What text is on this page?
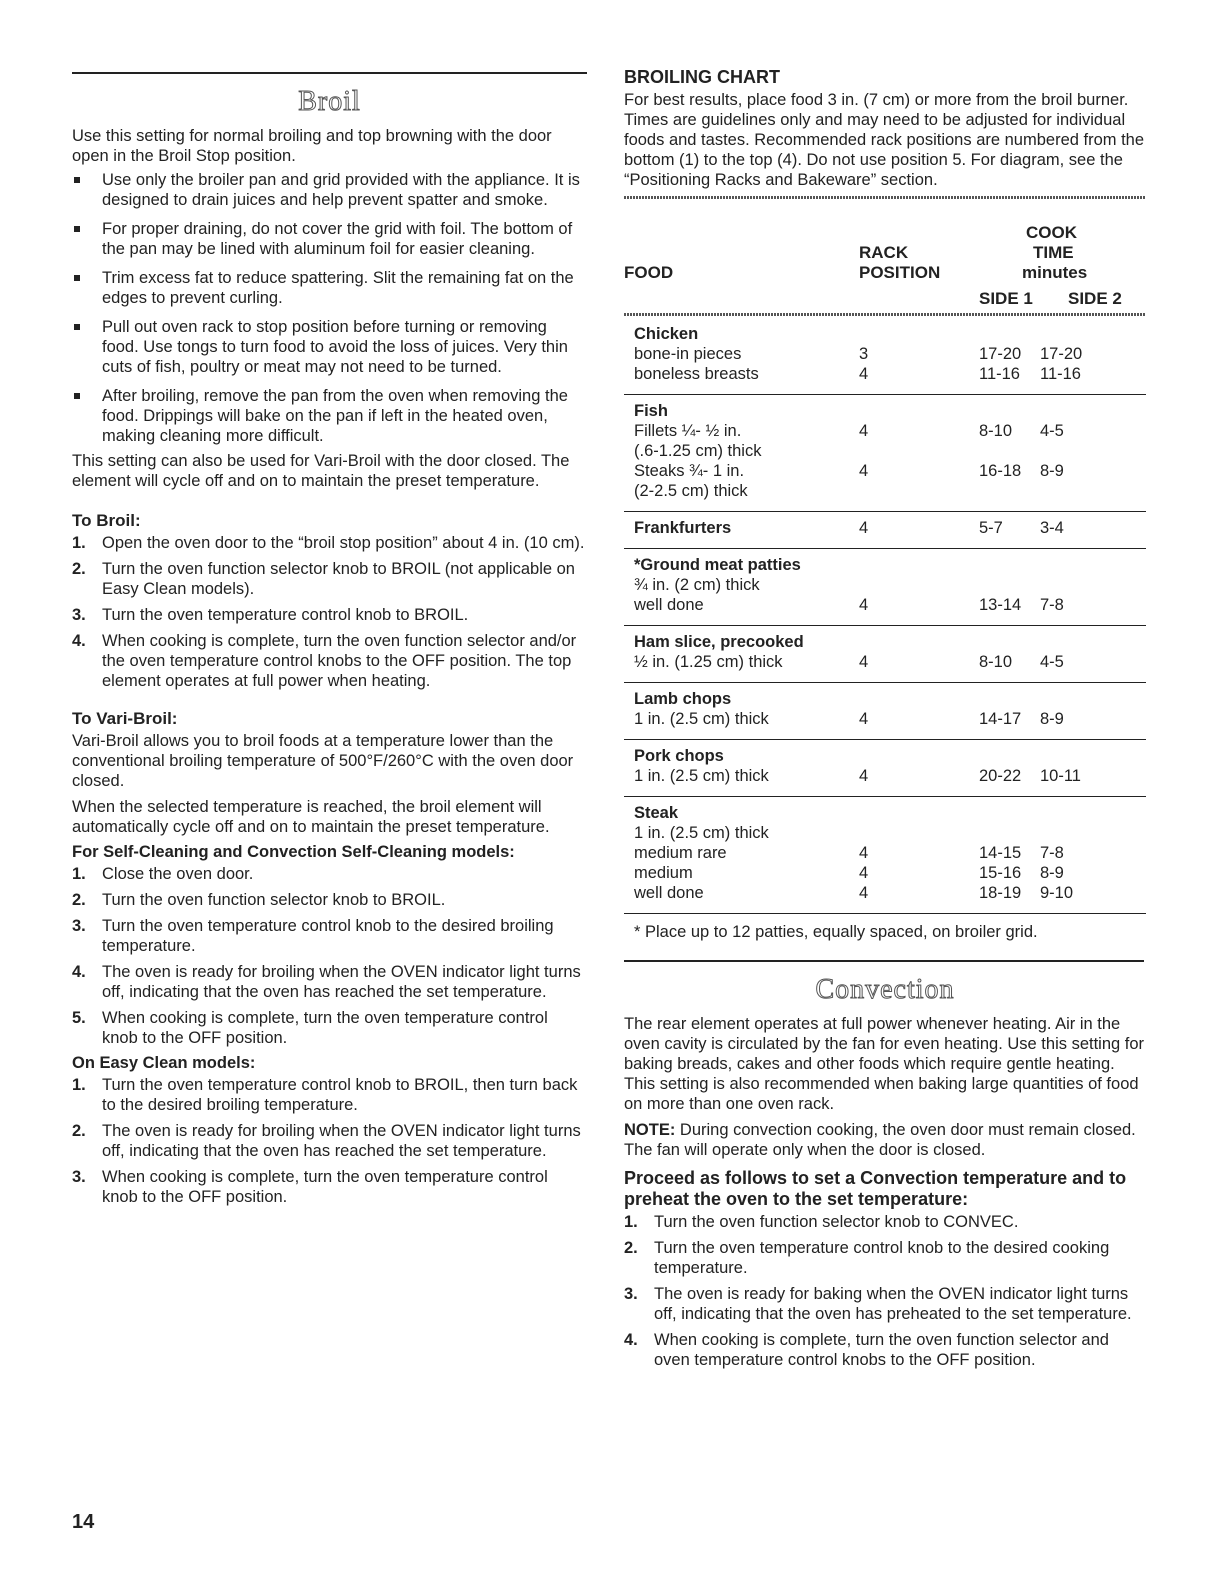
Broil

Use this setting for normal broiling and top browning with the door open in the Broil Stop position.

Use only the broiler pan and grid provided with the appliance. It is designed to drain juices and help prevent spatter and smoke.
For proper draining, do not cover the grid with foil. The bottom of the pan may be lined with aluminum foil for easier cleaning.
Trim excess fat to reduce spattering. Slit the remaining fat on the edges to prevent curling.
Pull out oven rack to stop position before turning or removing food. Use tongs to turn food to avoid the loss of juices. Very thin cuts of fish, poultry or meat may not need to be turned.
After broiling, remove the pan from the oven when removing the food. Drippings will bake on the pan if left in the heated oven, making cleaning more difficult.

This setting can also be used for Vari-Broil with the door closed. The element will cycle off and on to maintain the preset temperature.

To Broil:
1. Open the oven door to the “broil stop position” about 4 in. (10 cm).
2. Turn the oven function selector knob to BROIL (not applicable on Easy Clean models).
3. Turn the oven temperature control knob to BROIL.
4. When cooking is complete, turn the oven function selector and/or the oven temperature control knobs to the OFF position. The top element operates at full power when heating.
To Vari-Broil:

Vari-Broil allows you to broil foods at a temperature lower than the conventional broiling temperature of 500°F/260°C with the oven door closed.

When the selected temperature is reached, the broil element will automatically cycle off and on to maintain the preset temperature.

For Self-Cleaning and Convection Self-Cleaning models:
1. Close the oven door.
2. Turn the oven function selector knob to BROIL.
3. Turn the oven temperature control knob to the desired broiling temperature.
4. The oven is ready for broiling when the OVEN indicator light turns off, indicating that the oven has reached the set temperature.
5. When cooking is complete, turn the oven temperature control knob to the OFF position.
On Easy Clean models:
1. Turn the oven temperature control knob to BROIL, then turn back to the desired broiling temperature.
2. The oven is ready for broiling when the OVEN indicator light turns off, indicating that the oven has reached the set temperature.
3. When cooking is complete, turn the oven temperature control knob to the OFF position.
BROILING CHART

For best results, place food 3 in. (7 cm) or more from the broil burner. Times are guidelines only and may need to be adjusted for individual foods and tastes. Recommended rack positions are numbered from the bottom (1) to the top (4). Do not use position 5. For diagram, see the “Positioning Racks and Bakeware” section.

FOOD
RACK
POSITION
COOK
TIME
minutes
SIDE 1 SIDE 2
Chicken
bone-in pieces	3	17-20 17-20
boneless breasts	4	11-16 11-16
Fish
Fillets ¼- ½ in.	4	8-10 4-5
(.6-1.25 cm) thick
Steaks ¾- 1 in.	4	16-18 8-9
(2-2.5 cm) thick
Frankfurters	4	5-7 3-4
*Ground meat patties
¾ in. (2 cm) thick
well done	4	13-14 7-8
Ham slice, precooked
½ in. (1.25 cm) thick	4	8-10 4-5
Lamb chops
1 in. (2.5 cm) thick	4	14-17 8-9
Pork chops
1 in. (2.5 cm) thick	4	20-22 10-11
Steak
1 in. (2.5 cm) thick
medium rare	4	14-15 7-8
medium	4	15-16 8-9
well done	4	18-19 9-10

* Place up to 12 patties, equally spaced, on broiler grid.

Convection

The rear element operates at full power whenever heating. Air in the oven cavity is circulated by the fan for even heating. Use this setting for baking breads, cakes and other foods which require gentle heating. This setting is also recommended when baking large quantities of food on more than one oven rack.

NOTE: During convection cooking, the oven door must remain closed. The fan will operate only when the door is closed.

Proceed as follows to set a Convection temperature and to preheat the oven to the set temperature:
1. Turn the oven function selector knob to CONVEC.
2. Turn the oven temperature control knob to the desired cooking temperature.
3. The oven is ready for baking when the OVEN indicator light turns off, indicating that the oven has preheated to the set temperature.
4. When cooking is complete, turn the oven function selector and oven temperature control knobs to the OFF position.
14
